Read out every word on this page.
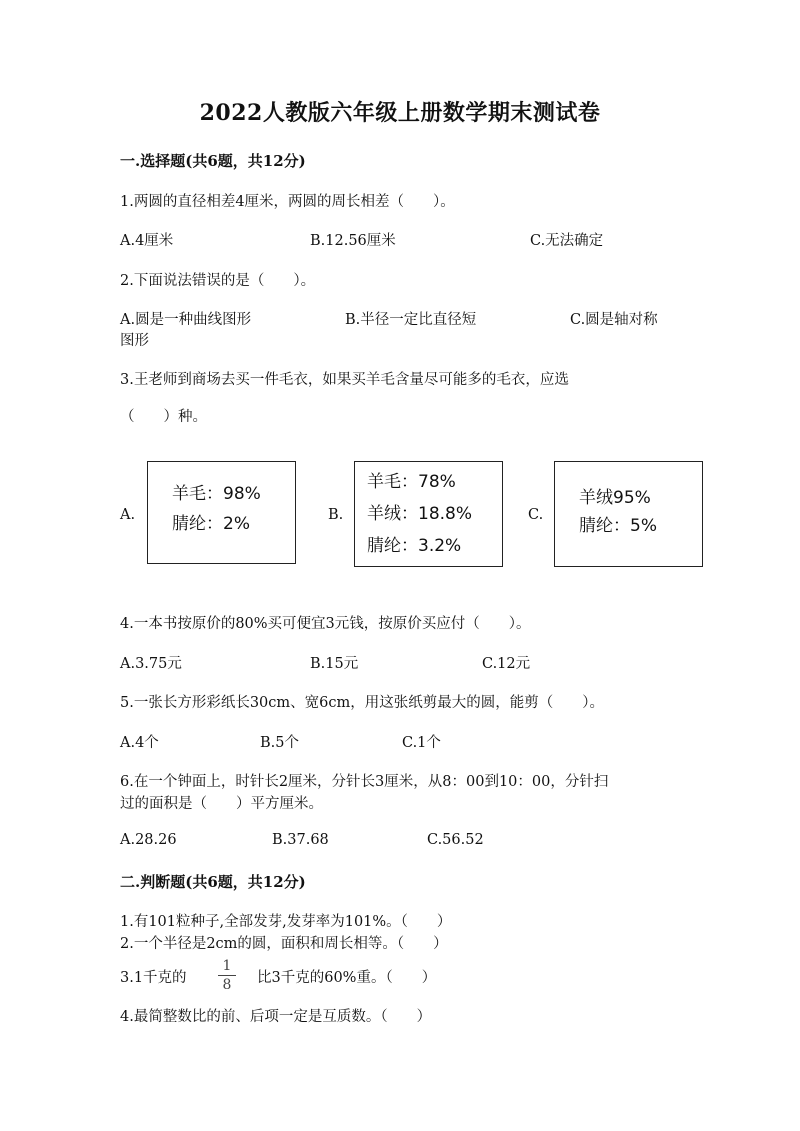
2022人教版六年级上册数学期末测试卷
一.选择题(共6题，共12分)
1.两圆的直径相差4厘米，两圆的周长相差（　　）。
A.4厘米	B.12.56厘米	C.无法确定
2.下面说法错误的是（　　）。
A.圆是一种曲线图形	B.半径一定比直径短	C.圆是轴对称
图形
3.王老师到商场去买一件毛衣，如果买羊毛含量尽可能多的毛衣，应选
（　　）种。
A.
羊毛：98%
腈纶：2%	B.
羊毛：78%
羊绒：18.8%
腈纶：3.2%
C.
羊绒95%
腈纶：5%
4.一本书按原价的80%买可便宜3元钱，按原价买应付（　　）。
A.3.75元	B.15元	C.12元
5.一张长方形彩纸长30cm、宽6cm，用这张纸剪最大的圆，能剪（　　）。
A.4个	B.5个	C.1个
6.在一个钟面上，时针长2厘米，分针长3厘米，从8：00到10：00，分针扫
过的面积是（　　）平方厘米。
A.28.26	B.37.68	C.56.52
二.判断题(共6题，共12分)
1.有101粒种子,全部发芽,发芽率为101%。（　　）
2.一个半径是2cm的圆，面积和周长相等。（　　）
3.1千克的
1
8	比3千克的60%重。（　　）
4.最简整数比的前、后项一定是互质数。（　　）
